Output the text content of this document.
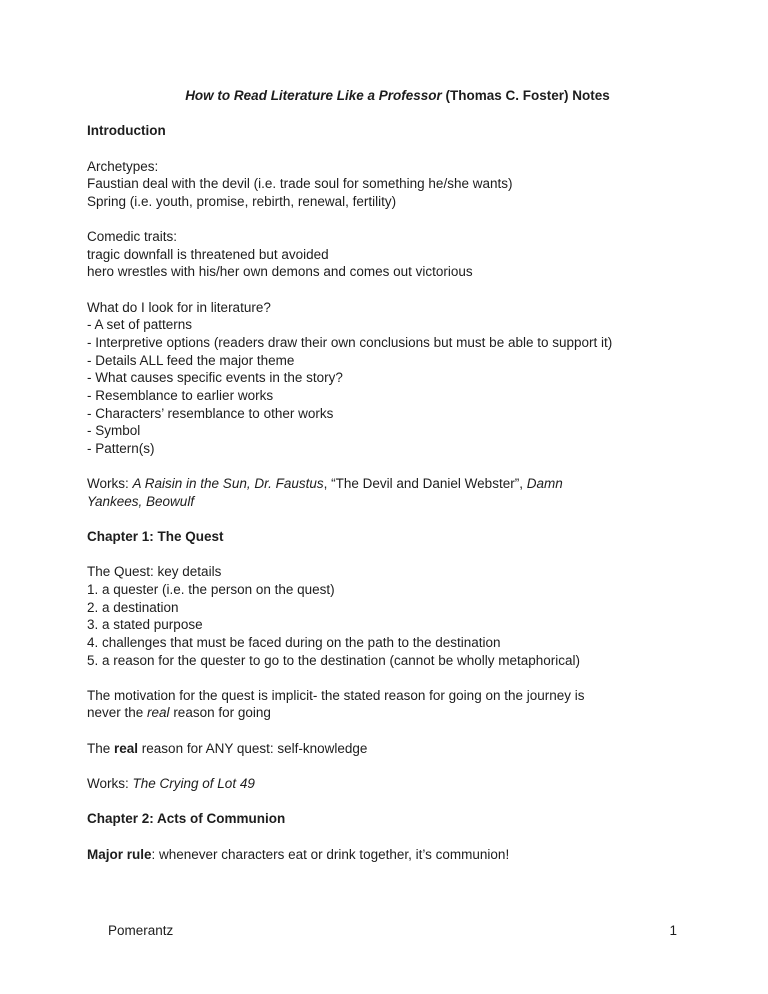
How to Read Literature Like a Professor (Thomas C. Foster) Notes
Introduction
Archetypes:
Faustian deal with the devil (i.e. trade soul for something he/she wants)
Spring (i.e. youth, promise, rebirth, renewal, fertility)
Comedic traits:
tragic downfall is threatened but avoided
hero wrestles with his/her own demons and comes out victorious
What do I look for in literature?
- A set of patterns
- Interpretive options (readers draw their own conclusions but must be able to support it)
- Details ALL feed the major theme
- What causes specific events in the story?
- Resemblance to earlier works
- Characters’ resemblance to other works
- Symbol
- Pattern(s)
Works: A Raisin in the Sun, Dr. Faustus, “The Devil and Daniel Webster”, Damn
Yankees, Beowulf
Chapter 1: The Quest
The Quest: key details
1. a quester (i.e. the person on the quest)
2. a destination
3. a stated purpose
4. challenges that must be faced during on the path to the destination
5. a reason for the quester to go to the destination (cannot be wholly metaphorical)
The motivation for the quest is implicit- the stated reason for going on the journey is
never the real reason for going
The real reason for ANY quest: self-knowledge
Works: The Crying of Lot 49
Chapter 2: Acts of Communion
Major rule: whenever characters eat or drink together, it’s communion!
Pomerantz	1
